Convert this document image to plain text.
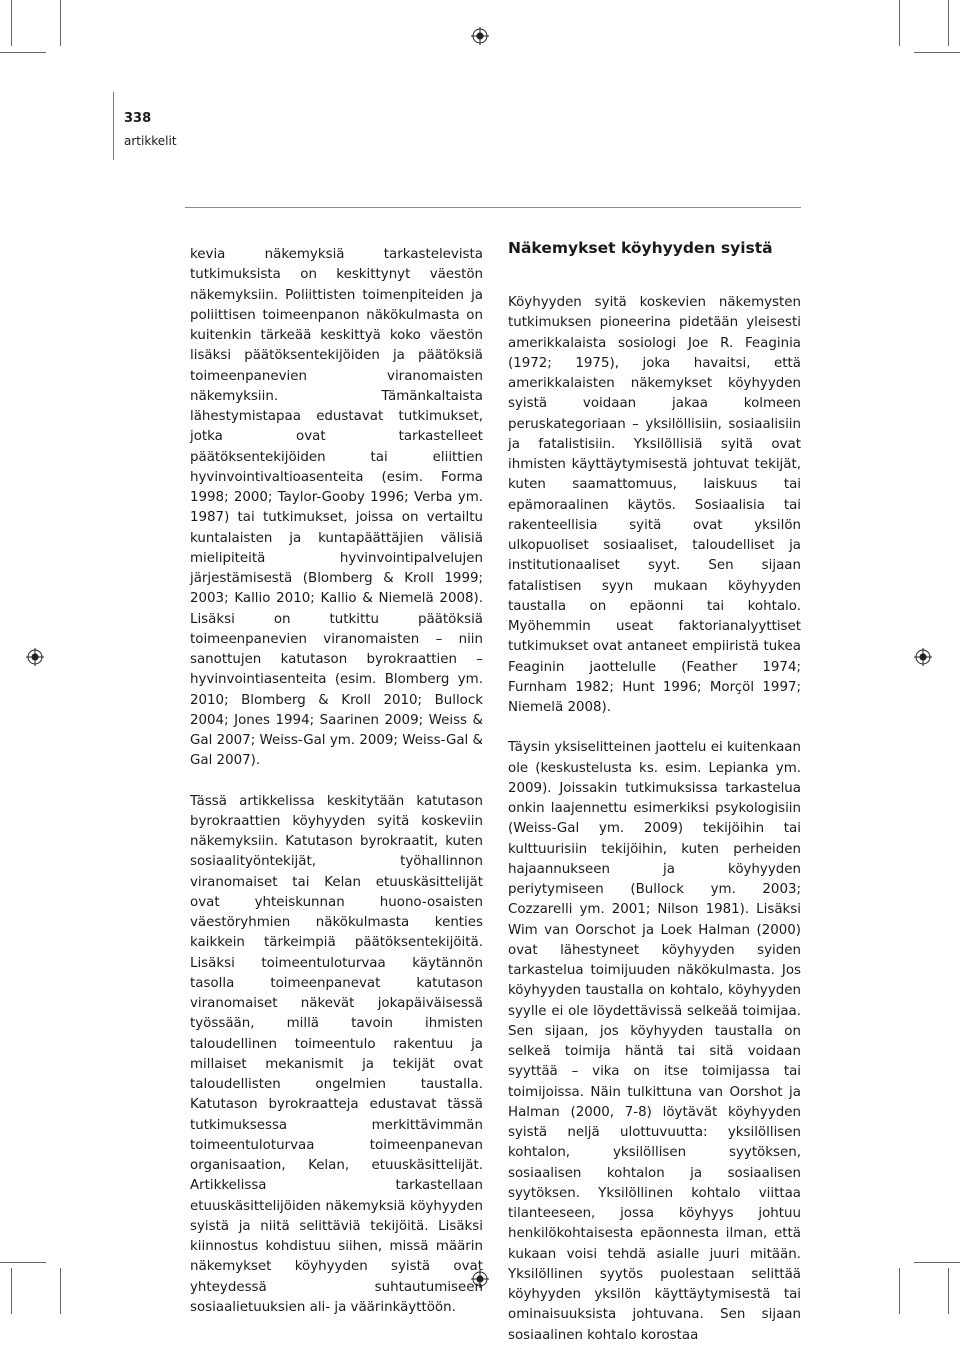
338
artikkelit

kevia näkemyksiä tarkastelevista tutkimuksista on keskittynyt väestön näkemyksiin. Poliittisten toimenpiteiden ja poliittisen toimeenpanon näkökulmasta on kuitenkin tärkeää keskittyä koko väestön lisäksi päätöksentekijöiden ja päätöksiä toimeenpanevien viranomaisten näkemyksiin. Tämänkaltaista lähestymistapaa edustavat tutkimukset, jotka ovat tarkastelleet päätöksentekijöiden tai eliittien hyvinvointivaltioasenteita (esim. Forma 1998; 2000; Taylor-Gooby 1996; Verba ym. 1987) tai tutkimukset, joissa on vertailtu kuntalaisten ja kuntapäättäjien välisiä mielipiteitä hyvinvointipalvelujen järjestämisestä (Blomberg & Kroll 1999; 2003; Kallio 2010; Kallio & Niemelä 2008). Lisäksi on tutkittu päätöksiä toimeenpanevien viranomaisten – niin sanottujen katutason byrokraattien – hyvinvointiasenteita (esim. Blomberg ym. 2010; Blomberg & Kroll 2010; Bullock 2004; Jones 1994; Saarinen 2009; Weiss & Gal 2007; Weiss-Gal ym. 2009; Weiss-Gal & Gal 2007).

Tässä artikkelissa keskitytään katutason byrokraattien köyhyyden syitä koskeviin näkemyksiin. Katutason byrokraatit, kuten sosiaalityöntekijät, työhallinnon viranomaiset tai Kelan etuuskäsittelijät ovat yhteiskunnan huono-osaisten väestöryhmien näkökulmasta kenties kaikkein tärkeimpiä päätöksentekijöitä. Lisäksi toimeentuloturvaa käytännön tasolla toimeenpanevat katutason viranomaiset näkevät jokapäiväisessä työssään, millä tavoin ihmisten taloudellinen toimeentulo rakentuu ja millaiset mekanismit ja tekijät ovat taloudellisten ongelmien taustalla. Katutason byrokraatteja edustavat tässä tutkimuksessa merkittävimmän toimeentuloturvaa toimeenpanevan organisaation, Kelan, etuuskäsittelijät. Artikkelissa tarkastellaan etuuskäsittelijöiden näkemyksiä köyhyyden syistä ja niitä selittäviä tekijöitä. Lisäksi kiinnostus kohdistuu siihen, missä määrin näkemykset köyhyyden syistä ovat yhteydessä suhtautumiseen sosiaalietuuksien ali- ja väärinkäyttöön.

Näkemykset köyhyyden syistä

Köyhyyden syitä koskevien näkemysten tutkimuksen pioneerina pidetään yleisesti amerikkalaista sosiologi Joe R. Feaginia (1972; 1975), joka havaitsi, että amerikkalaisten näkemykset köyhyyden syistä voidaan jakaa kolmeen peruskategoriaan – yksilöllisiin, sosiaalisiin ja fatalistisiin. Yksilöllisiä syitä ovat ihmisten käyttäytymisestä johtuvat tekijät, kuten saamattomuus, laiskuus tai epämoraalinen käytös. Sosiaalisia tai rakenteellisia syitä ovat yksilön ulkopuoliset sosiaaliset, taloudelliset ja institutionaaliset syyt. Sen sijaan fatalistisen syyn mukaan köyhyyden taustalla on epäonni tai kohtalo. Myöhemmin useat faktorianalyyttiset tutkimukset ovat antaneet empiiristä tukea Feaginin jaottelulle (Feather 1974; Furnham 1982; Hunt 1996; Morçöl 1997; Niemelä 2008).

Täysin yksiselitteinen jaottelu ei kuitenkaan ole (keskustelusta ks. esim. Lepianka ym. 2009). Joissakin tutkimuksissa tarkastelua onkin laajennettu esimerkiksi psykologisiin (Weiss-Gal ym. 2009) tekijöihin tai kulttuurisiin tekijöihin, kuten perheiden hajaannukseen ja köyhyyden periytymiseen (Bullock ym. 2003; Cozzarelli ym. 2001; Nilson 1981). Lisäksi Wim van Oorschot ja Loek Halman (2000) ovat lähestyneet köyhyyden syiden tarkastelua toimijuuden näkökulmasta. Jos köyhyyden taustalla on kohtalo, köyhyyden syylle ei ole löydettävissä selkeää toimijaa. Sen sijaan, jos köyhyyden taustalla on selkeä toimija häntä tai sitä voidaan syyttää – vika on itse toimijassa tai toimijoissa. Näin tulkittuna van Oorshot ja Halman (2000, 7-8) löytävät köyhyyden syistä neljä ulottuvuutta: yksilöllisen kohtalon, yksilöllisen syytöksen, sosiaalisen kohtalon ja sosiaalisen syytöksen. Yksilöllinen kohtalo viittaa tilanteeseen, jossa köyhyys johtuu henkilökohtaisesta epäonnesta ilman, että kukaan voisi tehdä asialle juuri mitään. Yksilöllinen syytös puolestaan selittää köyhyyden yksilön käyttäytymisestä tai ominaisuuksista johtuvana. Sen sijaan sosiaalinen kohtalo korostaa
